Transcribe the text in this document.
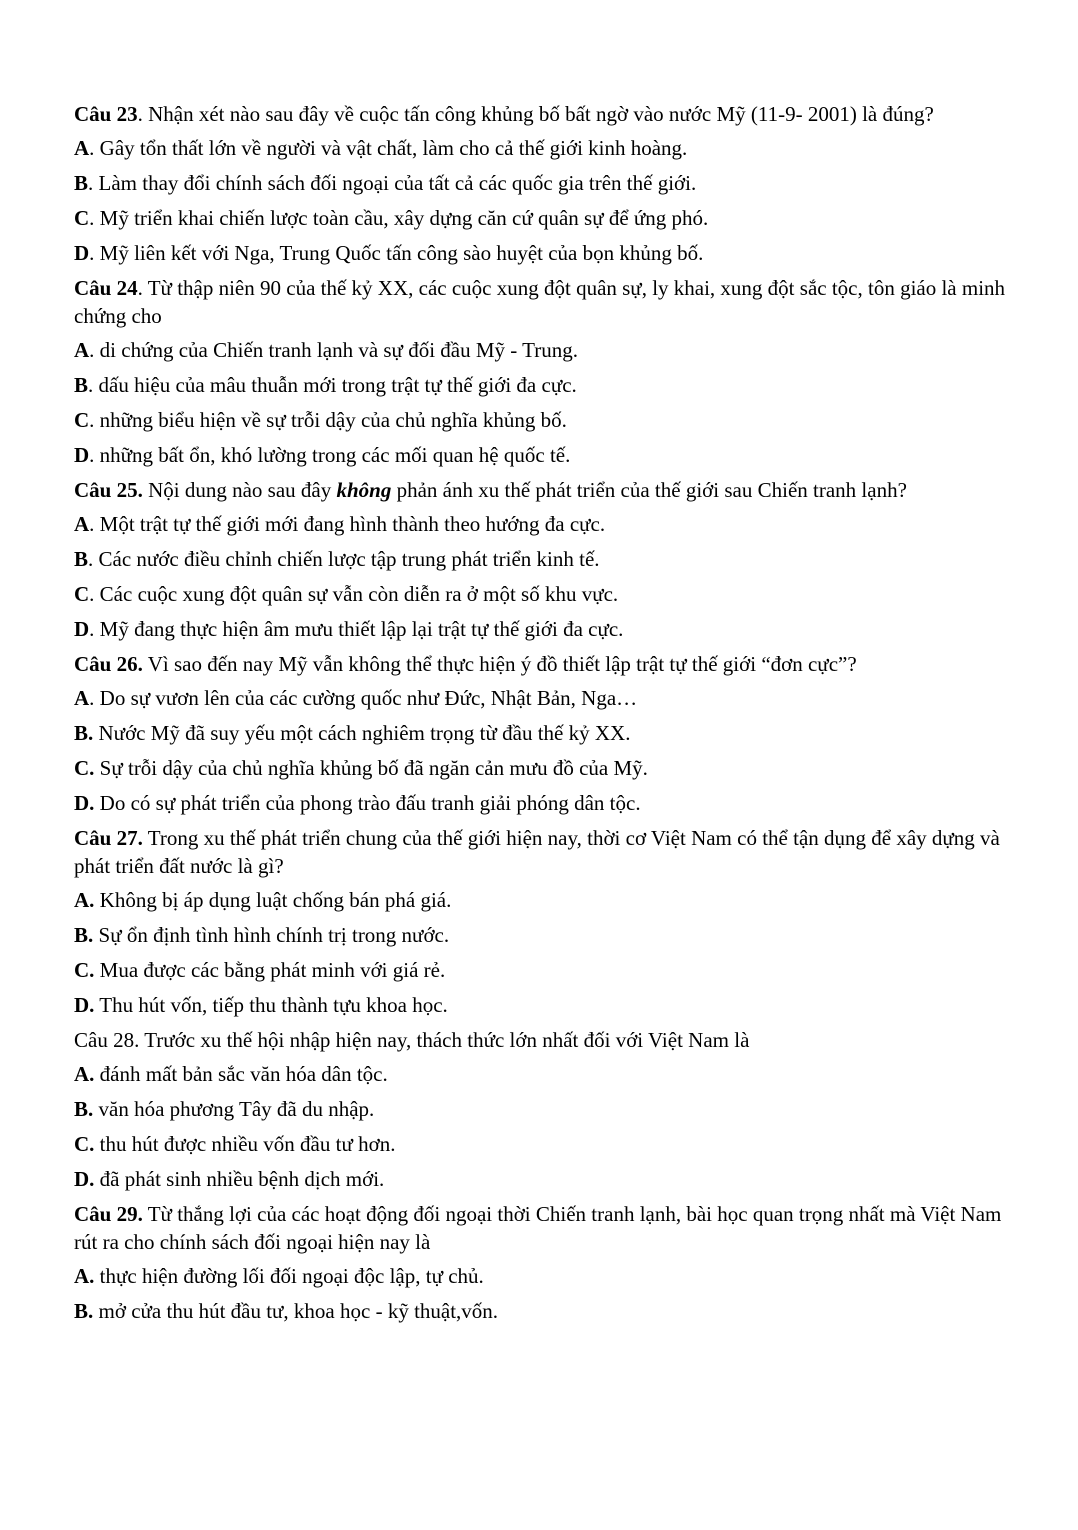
Câu 23. Nhận xét nào sau đây về cuộc tấn công khủng bố bất ngờ vào nước Mỹ (11-9- 2001) là đúng?

A. Gây tổn thất lớn về người và vật chất, làm cho cả thế giới kinh hoàng.

B. Làm thay đổi chính sách đối ngoại của tất cả các quốc gia trên thế giới.

C. Mỹ triển khai chiến lược toàn cầu, xây dựng căn cứ quân sự để ứng phó.

D. Mỹ liên kết với Nga, Trung Quốc tấn công sào huyệt của bọn khủng bố.

Câu 24. Từ thập niên 90 của thế kỷ XX, các cuộc xung đột quân sự, ly khai, xung đột sắc tộc, tôn giáo là minh chứng cho

A. di chứng của Chiến tranh lạnh và sự đối đầu Mỹ - Trung.

B. dấu hiệu của mâu thuẫn mới trong trật tự thế giới đa cực.

C. những biểu hiện về sự trỗi dậy của chủ nghĩa khủng bố.

D. những bất ổn, khó lường trong các mối quan hệ quốc tế.

Câu 25. Nội dung nào sau đây không phản ánh xu thế phát triển của thế giới sau Chiến tranh lạnh?

A. Một trật tự thế giới mới đang hình thành theo hướng đa cực.

B. Các nước điều chỉnh chiến lược tập trung phát triển kinh tế.

C. Các cuộc xung đột quân sự vẫn còn diễn ra ở một số khu vực.

D. Mỹ đang thực hiện âm mưu thiết lập lại trật tự thế giới đa cực.

Câu 26. Vì sao đến nay Mỹ vẫn không thể thực hiện ý đồ thiết lập trật tự thế giới “đơn cực”?

A. Do sự vươn lên của các cường quốc như Đức, Nhật Bản, Nga…

B. Nước Mỹ đã suy yếu một cách nghiêm trọng từ đầu thế kỷ XX.

C. Sự trỗi dậy của chủ nghĩa khủng bố đã ngăn cản mưu đồ của Mỹ.

D. Do có sự phát triển của phong trào đấu tranh giải phóng dân tộc.

Câu 27. Trong xu thế phát triển chung của thế giới hiện nay, thời cơ Việt Nam có thể tận dụng để xây dựng và phát triển đất nước là gì?

A. Không bị áp dụng luật chống bán phá giá.

B. Sự ổn định tình hình chính trị trong nước.

C. Mua được các bằng phát minh với giá rẻ.

D. Thu hút vốn, tiếp thu thành tựu khoa học.

Câu 28. Trước xu thế hội nhập hiện nay, thách thức lớn nhất đối với Việt Nam là

A. đánh mất bản sắc văn hóa dân tộc.

B. văn hóa phương Tây đã du nhập.

C. thu hút được nhiều vốn đầu tư hơn.

D. đã phát sinh nhiều bệnh dịch mới.

Câu 29. Từ thắng lợi của các hoạt động đối ngoại thời Chiến tranh lạnh, bài học quan trọng nhất mà Việt Nam rút ra cho chính sách đối ngoại hiện nay là

A. thực hiện đường lối đối ngoại độc lập, tự chủ.

B. mở cửa thu hút đầu tư, khoa học - kỹ thuật,vốn.
